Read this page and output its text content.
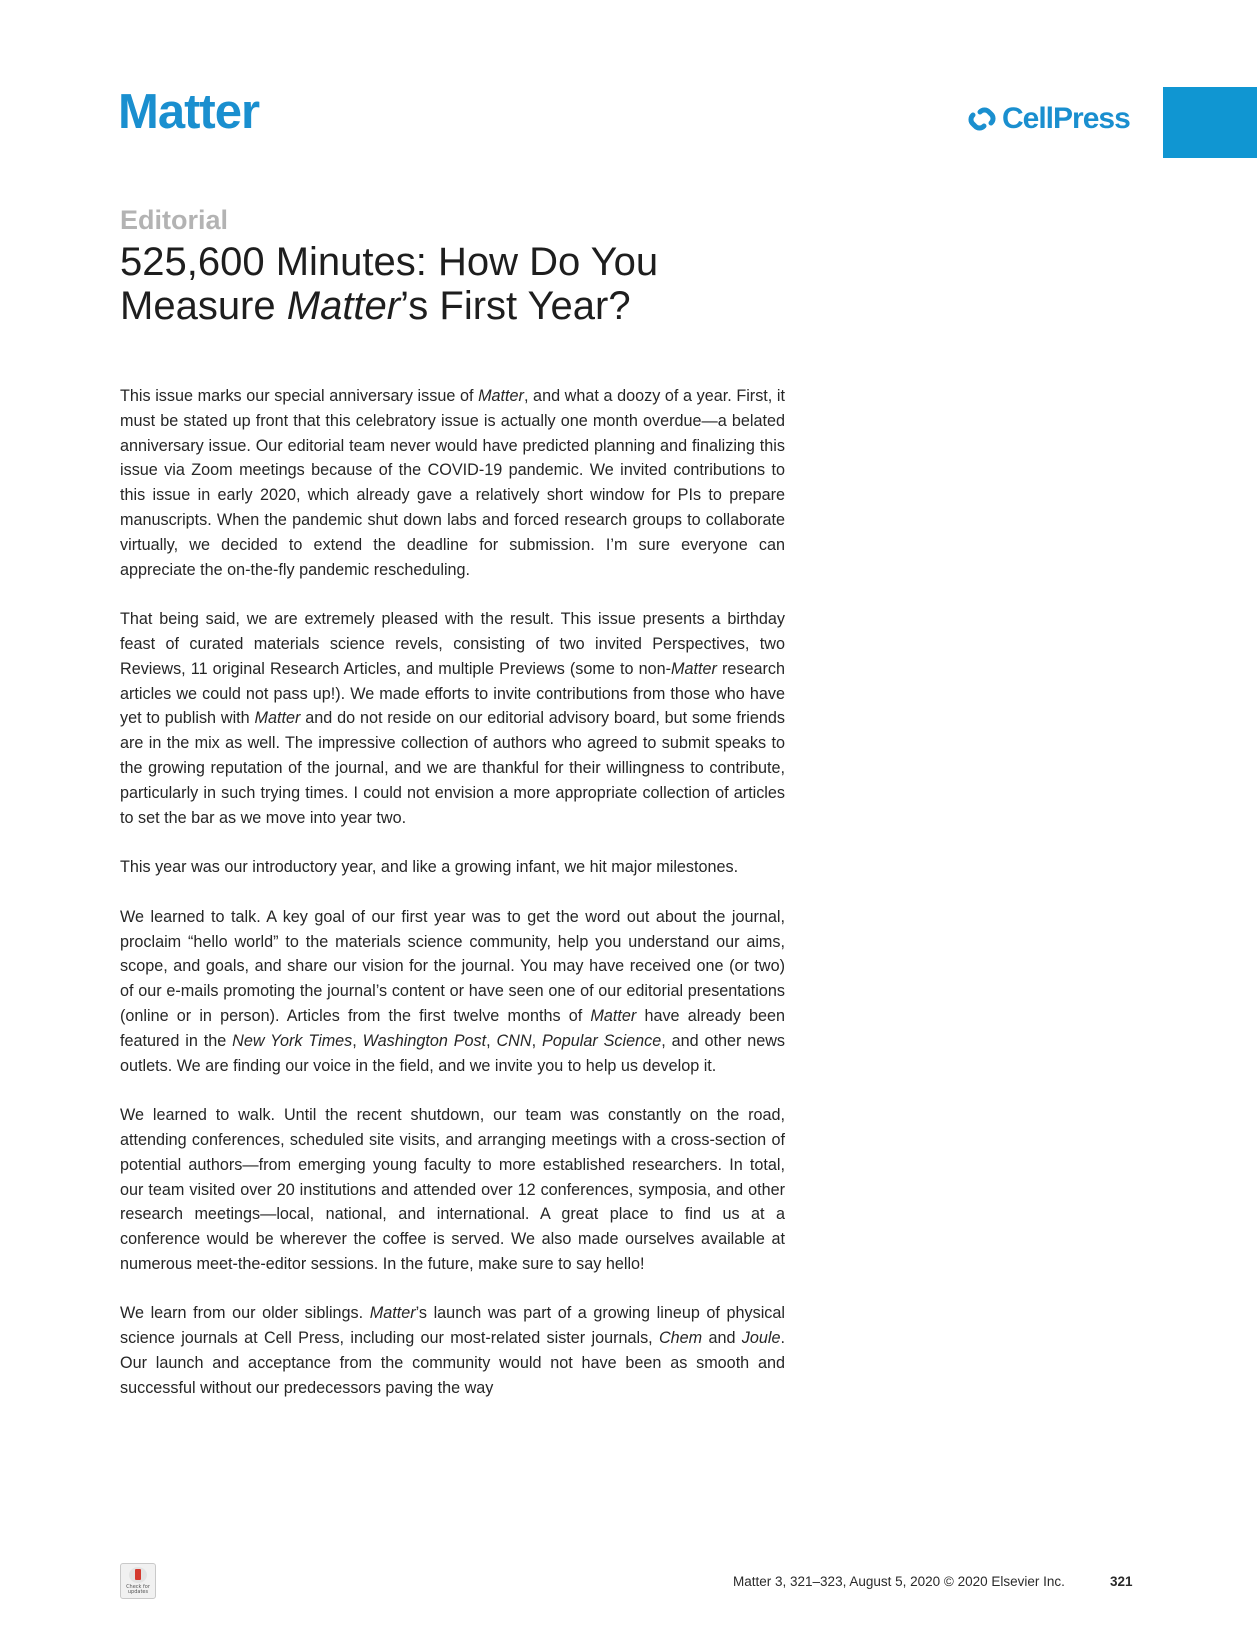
Matter	CellPress
Editorial
525,600 Minutes: How Do You
Measure Matter’s First Year?

This issue marks our special anniversary issue of Matter, and what a doozy of a year. First, it must be stated up front that this celebratory issue is actually one month overdue—a belated anniversary issue. Our editorial team never would have predicted planning and finalizing this issue via Zoom meetings because of the COVID-19 pandemic. We invited contributions to this issue in early 2020, which already gave a relatively short window for PIs to prepare manuscripts. When the pandemic shut down labs and forced research groups to collaborate virtually, we decided to extend the deadline for submission. I’m sure everyone can appreciate the on-the-fly pandemic rescheduling.

That being said, we are extremely pleased with the result. This issue presents a birthday feast of curated materials science revels, consisting of two invited Perspectives, two Reviews, 11 original Research Articles, and multiple Previews (some to non-Matter research articles we could not pass up!). We made efforts to invite contributions from those who have yet to publish with Matter and do not reside on our editorial advisory board, but some friends are in the mix as well. The impressive collection of authors who agreed to submit speaks to the growing reputation of the journal, and we are thankful for their willingness to contribute, particularly in such trying times. I could not envision a more appropriate collection of articles to set the bar as we move into year two.

This year was our introductory year, and like a growing infant, we hit major milestones.

We learned to talk. A key goal of our first year was to get the word out about the journal, proclaim “hello world” to the materials science community, help you understand our aims, scope, and goals, and share our vision for the journal. You may have received one (or two) of our e-mails promoting the journal’s content or have seen one of our editorial presentations (online or in person). Articles from the first twelve months of Matter have already been featured in the New York Times, Washington Post, CNN, Popular Science, and other news outlets. We are finding our voice in the field, and we invite you to help us develop it.

We learned to walk. Until the recent shutdown, our team was constantly on the road, attending conferences, scheduled site visits, and arranging meetings with a cross-section of potential authors—from emerging young faculty to more established researchers. In total, our team visited over 20 institutions and attended over 12 conferences, symposia, and other research meetings—local, national, and international. A great place to find us at a conference would be wherever the coffee is served. We also made ourselves available at numerous meet-the-editor sessions. In the future, make sure to say hello!

We learn from our older siblings. Matter’s launch was part of a growing lineup of physical science journals at Cell Press, including our most-related sister journals, Chem and Joule. Our launch and acceptance from the community would not have been as smooth and successful without our predecessors paving the way

Check for updates
Matter 3, 321–323, August 5, 2020 © 2020 Elsevier Inc.	321
